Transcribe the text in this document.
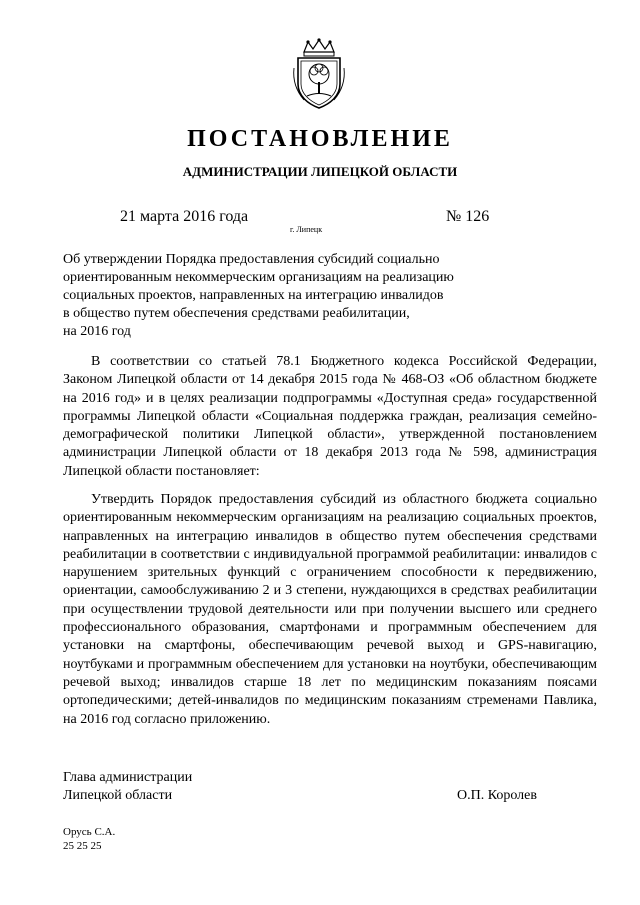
ПОСТАНОВЛЕНИЕ
АДМИНИСТРАЦИИ ЛИПЕЦКОЙ ОБЛАСТИ
21 марта 2016 года
г. Липецк
№ 126
Об утверждении Порядка предоставления субсидий социально
ориентированным некоммерческим организациям на реализацию
социальных проектов, направленных на интеграцию инвалидов
в общество путем обеспечения средствами реабилитации,
на 2016 год
В соответствии со статьей 78.1 Бюджетного кодекса Российской Федерации, Законом Липецкой области от 14 декабря 2015 года № 468-ОЗ «Об областном бюджете на 2016 год» и в целях реализации подпрограммы «Доступная среда» государственной программы Липецкой области «Социальная поддержка граждан, реализация семейно-демографической политики Липецкой области», утвержденной постановлением администрации Липецкой области от 18 декабря 2013 года № 598, администрация Липецкой области постановляет:
Утвердить Порядок предоставления субсидий из областного бюджета социально ориентированным некоммерческим организациям на реализацию социальных проектов, направленных на интеграцию инвалидов в общество путем обеспечения средствами реабилитации в соответствии с индивидуальной программой реабилитации: инвалидов с нарушением зрительных функций с ограничением способности к передвижению, ориентации, самообслуживанию 2 и 3 степени, нуждающихся в средствах реабилитации при осуществлении трудовой деятельности или при получении высшего или среднего профессионального образования, смартфонами и программным обеспечением для установки на смартфоны, обеспечивающим речевой выход и GPS-навигацию, ноутбуками и программным обеспечением для установки на ноутбуки, обеспечивающим речевой выход; инвалидов старше 18 лет по медицинским показаниям поясами ортопедическими; детей-инвалидов по медицинским показаниям стременами Павлика, на 2016 год согласно приложению.
Глава администрации
Липецкой области	О.П. Королев
Орусь С.А.
25 25 25
